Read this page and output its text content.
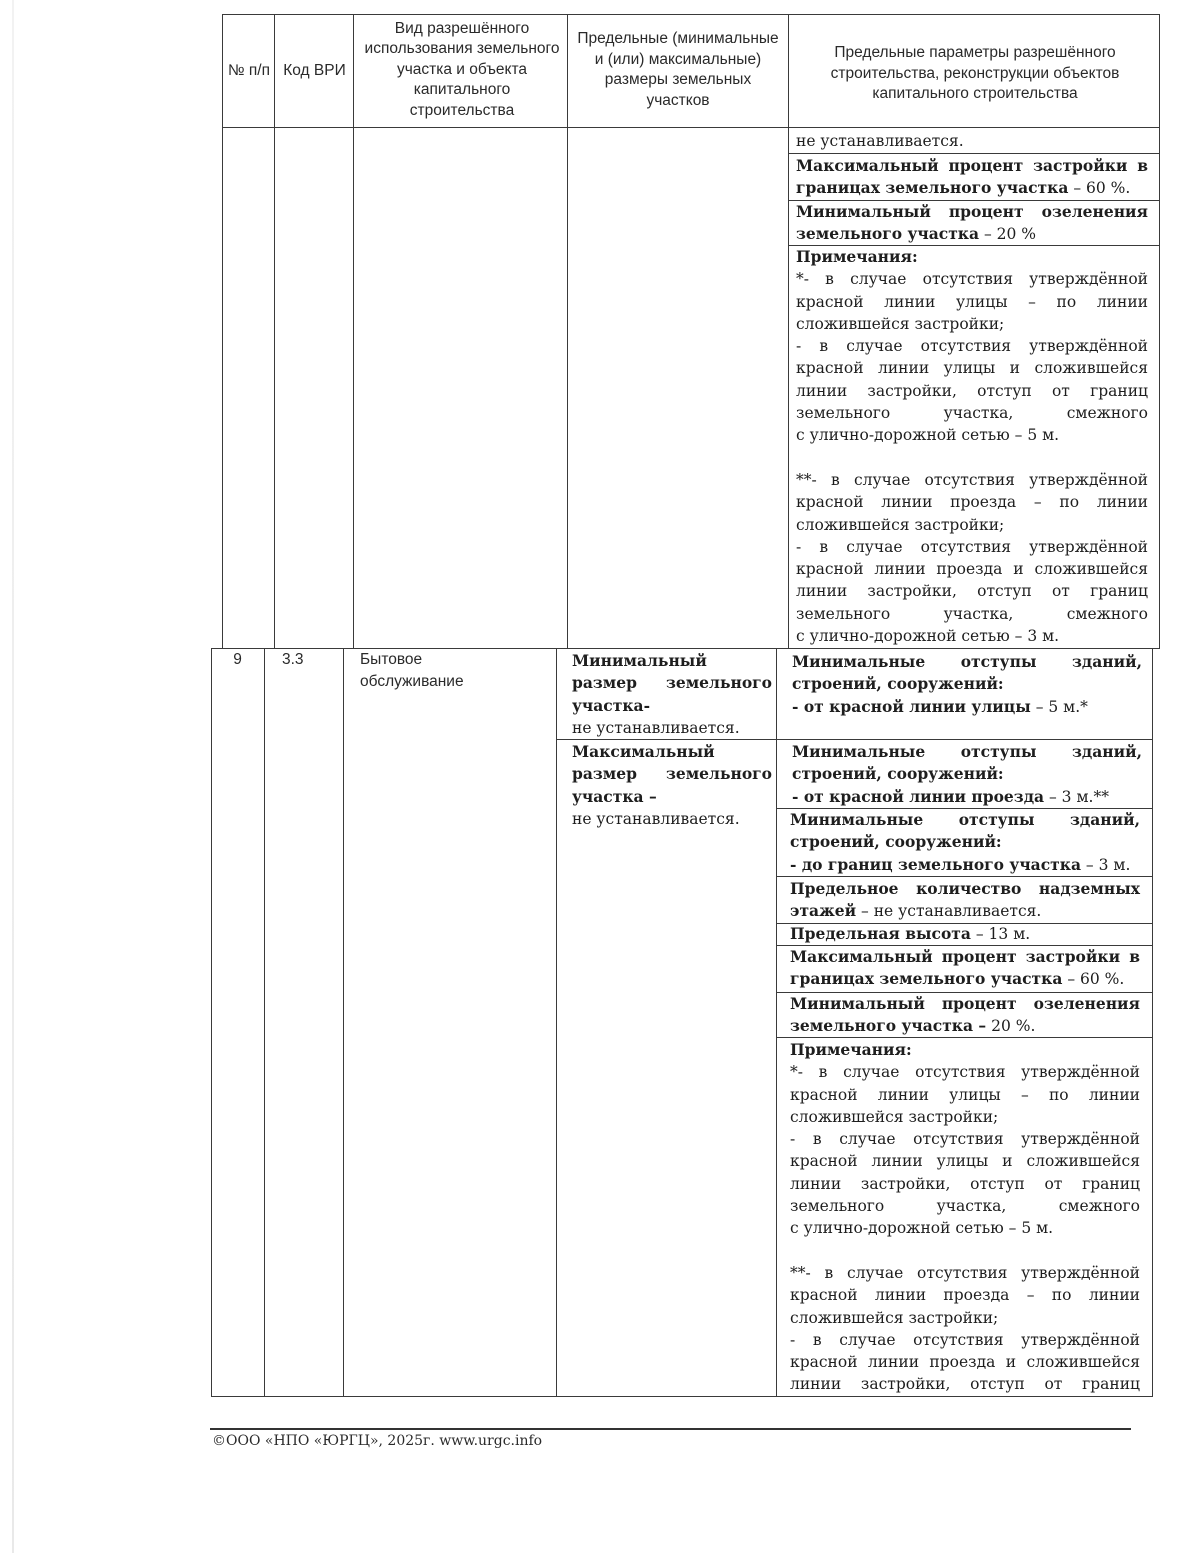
№ п/п Код ВРИ
Вид разрешённого использования земельного участка и объекта капитального строительства
Предельные (минимальные и (или) максимальные) размеры земельных участков
Предельные параметры разрешённого строительства, реконструкции объектов капитального строительства

не устанавливается.

Максимальный процент застройки в границах земельного участка – 60 %.

Минимальный процент озеленения земельного участка – 20 %

Примечания:

*- в случае отсутствия утверждённой красной линии улицы – по линии сложившейся застройки;

- в случае отсутствия утверждённой красной линии улицы и сложившейся линии застройки, отступ от границ земельного участка, смежного

с улично-дорожной сетью – 5 м.

**- в случае отсутствия утверждённой красной линии проезда – по линии сложившейся застройки;

- в случае отсутствия утверждённой красной линии проезда и сложившейся линии застройки, отступ от границ земельного участка, смежного

с улично-дорожной сетью – 3 м.

9	3.3	Бытовое обслуживание

Минимальный размер земельного участка-

не устанавливается.

Максимальный размер земельного участка –

не устанавливается.

Минимальные отступы зданий, строений, сооружений:

- от красной линии улицы – 5 м.*

Минимальные отступы зданий, строений, сооружений:

- от красной линии проезда – 3 м.**

Минимальные отступы зданий, строений, сооружений:

- до границ земельного участка – 3 м.

Предельное количество надземных этажей – не устанавливается.

Предельная высота – 13 м.

Максимальный процент застройки в границах земельного участка – 60 %.

Минимальный процент озеленения земельного участка – 20 %.

Примечания:

*- в случае отсутствия утверждённой красной линии улицы – по линии сложившейся застройки;

- в случае отсутствия утверждённой красной линии улицы и сложившейся линии застройки, отступ от границ земельного участка, смежного

с улично-дорожной сетью – 5 м.

**- в случае отсутствия утверждённой красной линии проезда – по линии сложившейся застройки;

- в случае отсутствия утверждённой красной линии проезда и сложившейся линии застройки, отступ от границ

©ООО «НПО «ЮРГЦ», 2025г. www.urgc.info
